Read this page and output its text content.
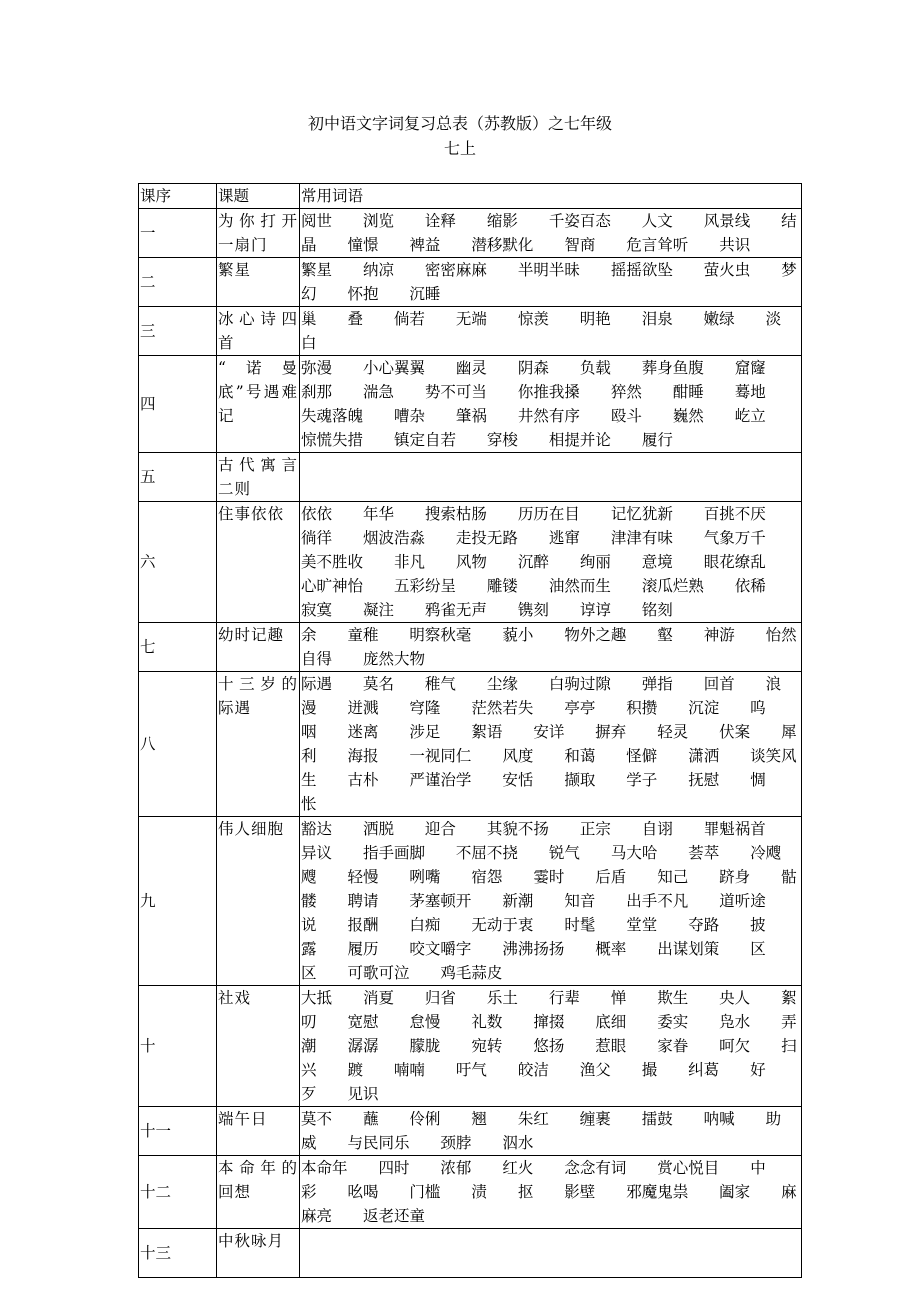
初中语文字词复习总表（苏教版）之七年级
七上
课序	课题	常用词语
一	为你打开一扇门	阅世 浏览 诠释 缩影 千姿百态 人文 风景线 结晶 憧憬 裨益 潜移默化 智商 危言耸听 共识
二	繁星	繁星 纳凉 密密麻麻 半明半昧 摇摇欲坠 萤火虫 梦幻 怀抱 沉睡
三	冰心诗四首	巢 叠 倘若 无端 惊羡 明艳 泪泉 嫩绿 淡白
四	“诺曼底”号遇难记	弥漫 小心翼翼 幽灵 阴森 负载 葬身鱼腹 窟窿 刹那 湍急 势不可当 你推我搡 猝然 酣睡 蓦地 失魂落魄 嘈杂 肇祸 井然有序 殴斗 巍然 屹立 惊慌失措 镇定自若 穿梭 相提并论 履行
五	古代寓言二则	
六	住事依依	依依 年华 搜索枯肠 历历在目 记忆犹新 百挑不厌 徜徉 烟波浩淼 走投无路 逃窜 津津有味 气象万千 美不胜收 非凡 风物 沉醉 绚丽 意境 眼花缭乱 心旷神怡 五彩纷呈 雕镂 油然而生 滚瓜烂熟 依稀 寂寞 凝注 鸦雀无声 镌刻 谆谆 铭刻
七	幼时记趣	余 童稚 明察秋毫 藐小 物外之趣 壑 神游 怡然自得 庞然大物
八	十三岁的际遇	际遇 莫名 稚气 尘缘 白驹过隙 弹指 回首 浪漫 迸溅 穹隆 茫然若失 亭亭 积攒 沉淀 呜咽 迷离 涉足 絮语 安详 摒弃 轻灵 伏案 犀利 海报 一视同仁 风度 和蔼 怪僻 潇洒 谈笑风生 古朴 严谨治学 安恬 撷取 学子 抚慰 惆怅
九	伟人细胞	豁达 洒脱 迎合 其貌不扬 正宗 自诩 罪魁祸首 异议 指手画脚 不屈不挠 锐气 马大哈 荟萃 冷飕飕 轻慢 咧嘴 宿怨 霎时 后盾 知己 跻身 骷髅 聘请 茅塞顿开 新潮 知音 出手不凡 道听途说 报酬 白痴 无动于衷 时髦 堂堂 夺路 披露 履历 咬文嚼字 沸沸扬扬 概率 出谋划策 区区 可歌可泣 鸡毛蒜皮
十	社戏	大抵 消夏 归省 乐土 行辈 惮 欺生 央人 絮叨 宽慰 怠慢 礼数 撺掇 底细 委实 凫水 弄潮 潺潺 朦胧 宛转 悠扬 惹眼 家眷 呵欠 扫兴 踱 喃喃 吁气 皎洁 渔父 撮 纠葛 好歹 见识
十一	端午日	莫不 蘸 伶俐 翘 朱红 缠裹 擂鼓 呐喊 助威 与民同乐 颈脖 泅水
十二	本命年的回想	本命年 四时 浓郁 红火 念念有词 赏心悦目 中彩 吆喝 门槛 渍 抠 影壁 邪魔鬼祟 阖家 麻麻亮 返老还童
十三	中秋咏月	
